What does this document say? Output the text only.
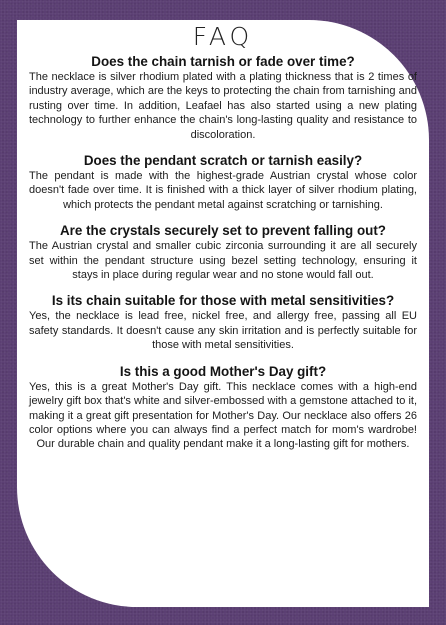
FAQ

Does the chain tarnish or fade over time?

The necklace is silver rhodium plated with a plating thickness that is 2 times of industry average, which are the keys to protecting the chain from tarnishing and rusting over time. In addition, Leafael has also started using a new plating technology to further enhance the chain's long-lasting quality and resistance to discoloration.

Does the pendant scratch or tarnish easily?

The pendant is made with the highest-grade Austrian crystal whose color doesn't fade over time. It is finished with a thick layer of silver rhodium plating, which protects the pendant metal against scratching or tarnishing.

Are the crystals securely set to prevent falling out?

The Austrian crystal and smaller cubic zirconia surrounding it are all securely set within the pendant structure using bezel setting technology, ensuring it stays in place during regular wear and no stone would fall out.

Is its chain suitable for those with metal sensitivities?

Yes, the necklace is lead free, nickel free, and allergy free, passing all EU safety standards. It doesn't cause any skin irritation and is perfectly suitable for those with metal sensitivities.

Is this a good Mother's Day gift?

Yes, this is a great Mother's Day gift. This necklace comes with a high-end jewelry gift box that's white and silver-embossed with a gemstone attached to it, making it a great gift presentation for Mother's Day. Our necklace also offers 26 color options where you can always find a perfect match for mom's wardrobe! Our durable chain and quality pendant make it a long-lasting gift for mothers.
